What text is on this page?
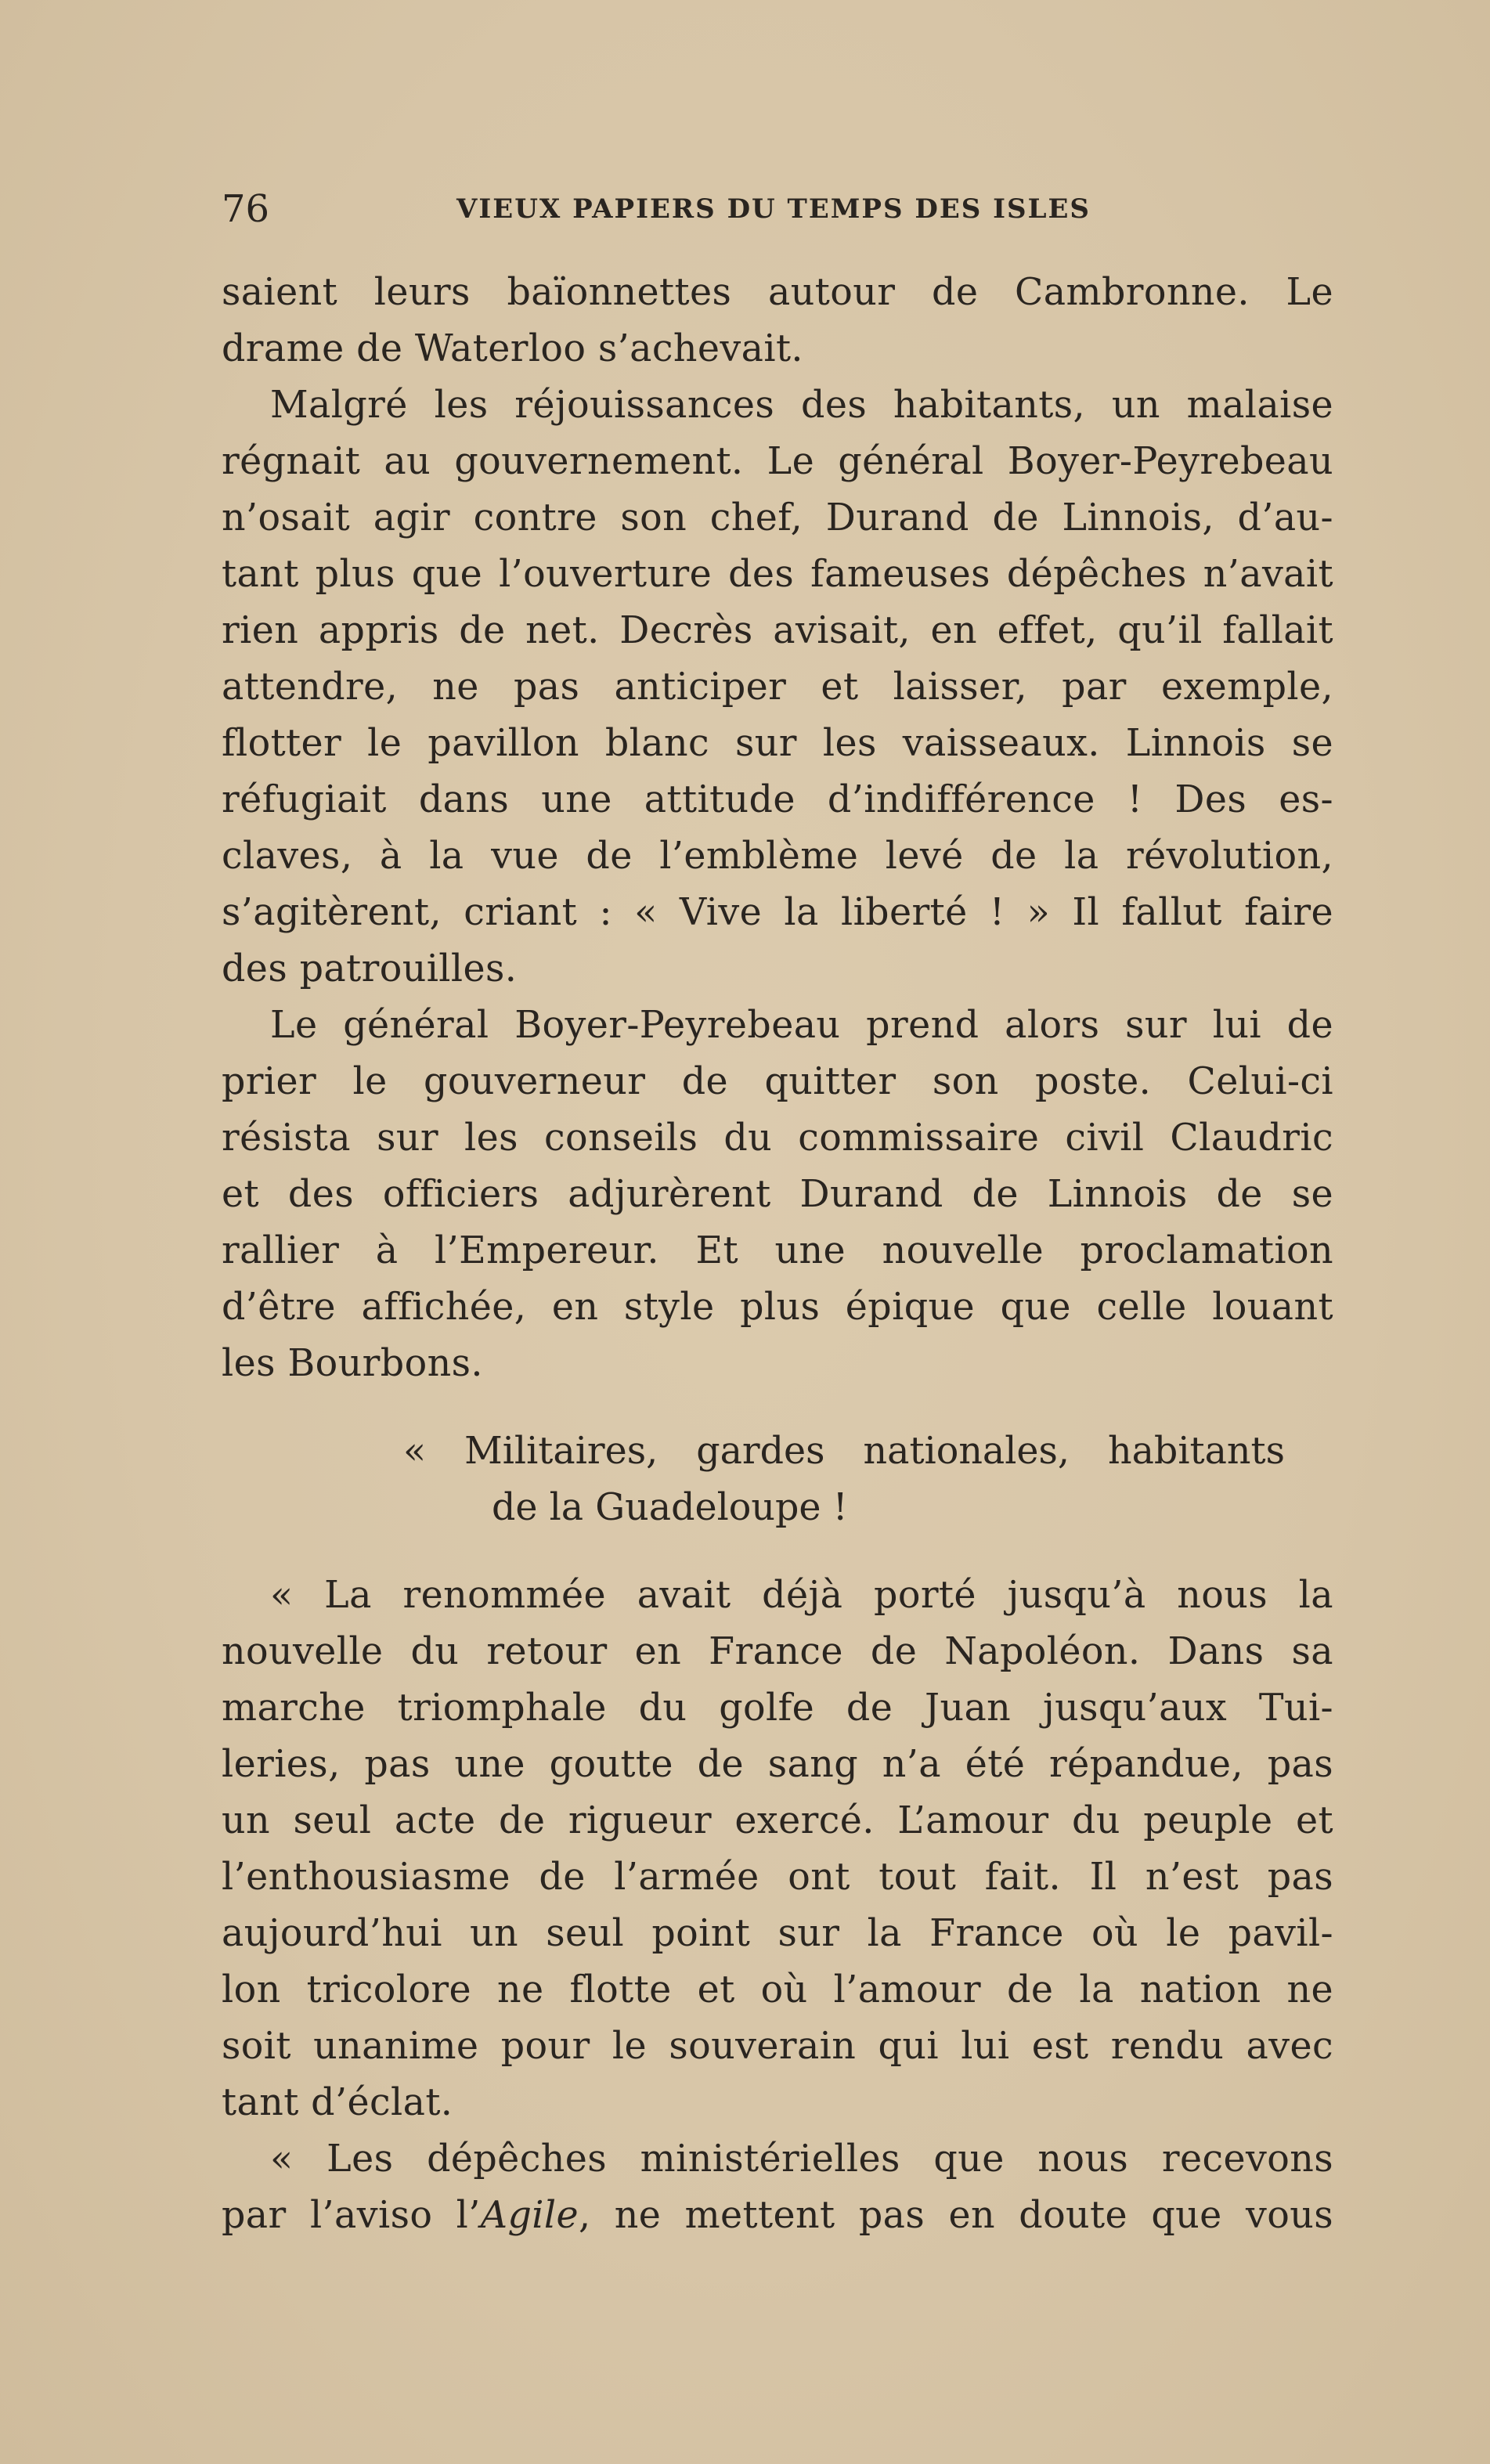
76	VIEUX PAPIERS DU TEMPS DES ISLES
saient leurs baïonnettes autour de Cambronne. Le
drame de Waterloo s’achevait.
Malgré les réjouissances des habitants, un malaise
régnait au gouvernement. Le général Boyer-Peyrebeau
n’osait agir contre son chef, Durand de Linnois, d’au-
tant plus que l’ouverture des fameuses dépêches n’avait
rien appris de net. Decrès avisait, en effet, qu’il fallait
attendre, ne pas anticiper et laisser, par exemple,
flotter le pavillon blanc sur les vaisseaux. Linnois se
réfugiait dans une attitude d’indifférence ! Des es-
claves, à la vue de l’emblème levé de la révolution,
s’agitèrent, criant : « Vive la liberté ! » Il fallut faire
des patrouilles.
Le général Boyer-Peyrebeau prend alors sur lui de
prier le gouverneur de quitter son poste. Celui-ci
résista sur les conseils du commissaire civil Claudric
et des officiers adjurèrent Durand de Linnois de se
rallier à l’Empereur. Et une nouvelle proclamation
d’être affichée, en style plus épique que celle louant
les Bourbons.
« Militaires, gardes nationales, habitants
de la Guadeloupe !
« La renommée avait déjà porté jusqu’à nous la
nouvelle du retour en France de Napoléon. Dans sa
marche triomphale du golfe de Juan jusqu’aux Tui-
leries, pas une goutte de sang n’a été répandue, pas
un seul acte de rigueur exercé. L’amour du peuple et
l’enthousiasme de l’armée ont tout fait. Il n’est pas
aujourd’hui un seul point sur la France où le pavil-
lon tricolore ne flotte et où l’amour de la nation ne
soit unanime pour le souverain qui lui est rendu avec
tant d’éclat.
« Les dépêches ministérielles que nous recevons
par l’aviso l’Agile, ne mettent pas en doute que vous
